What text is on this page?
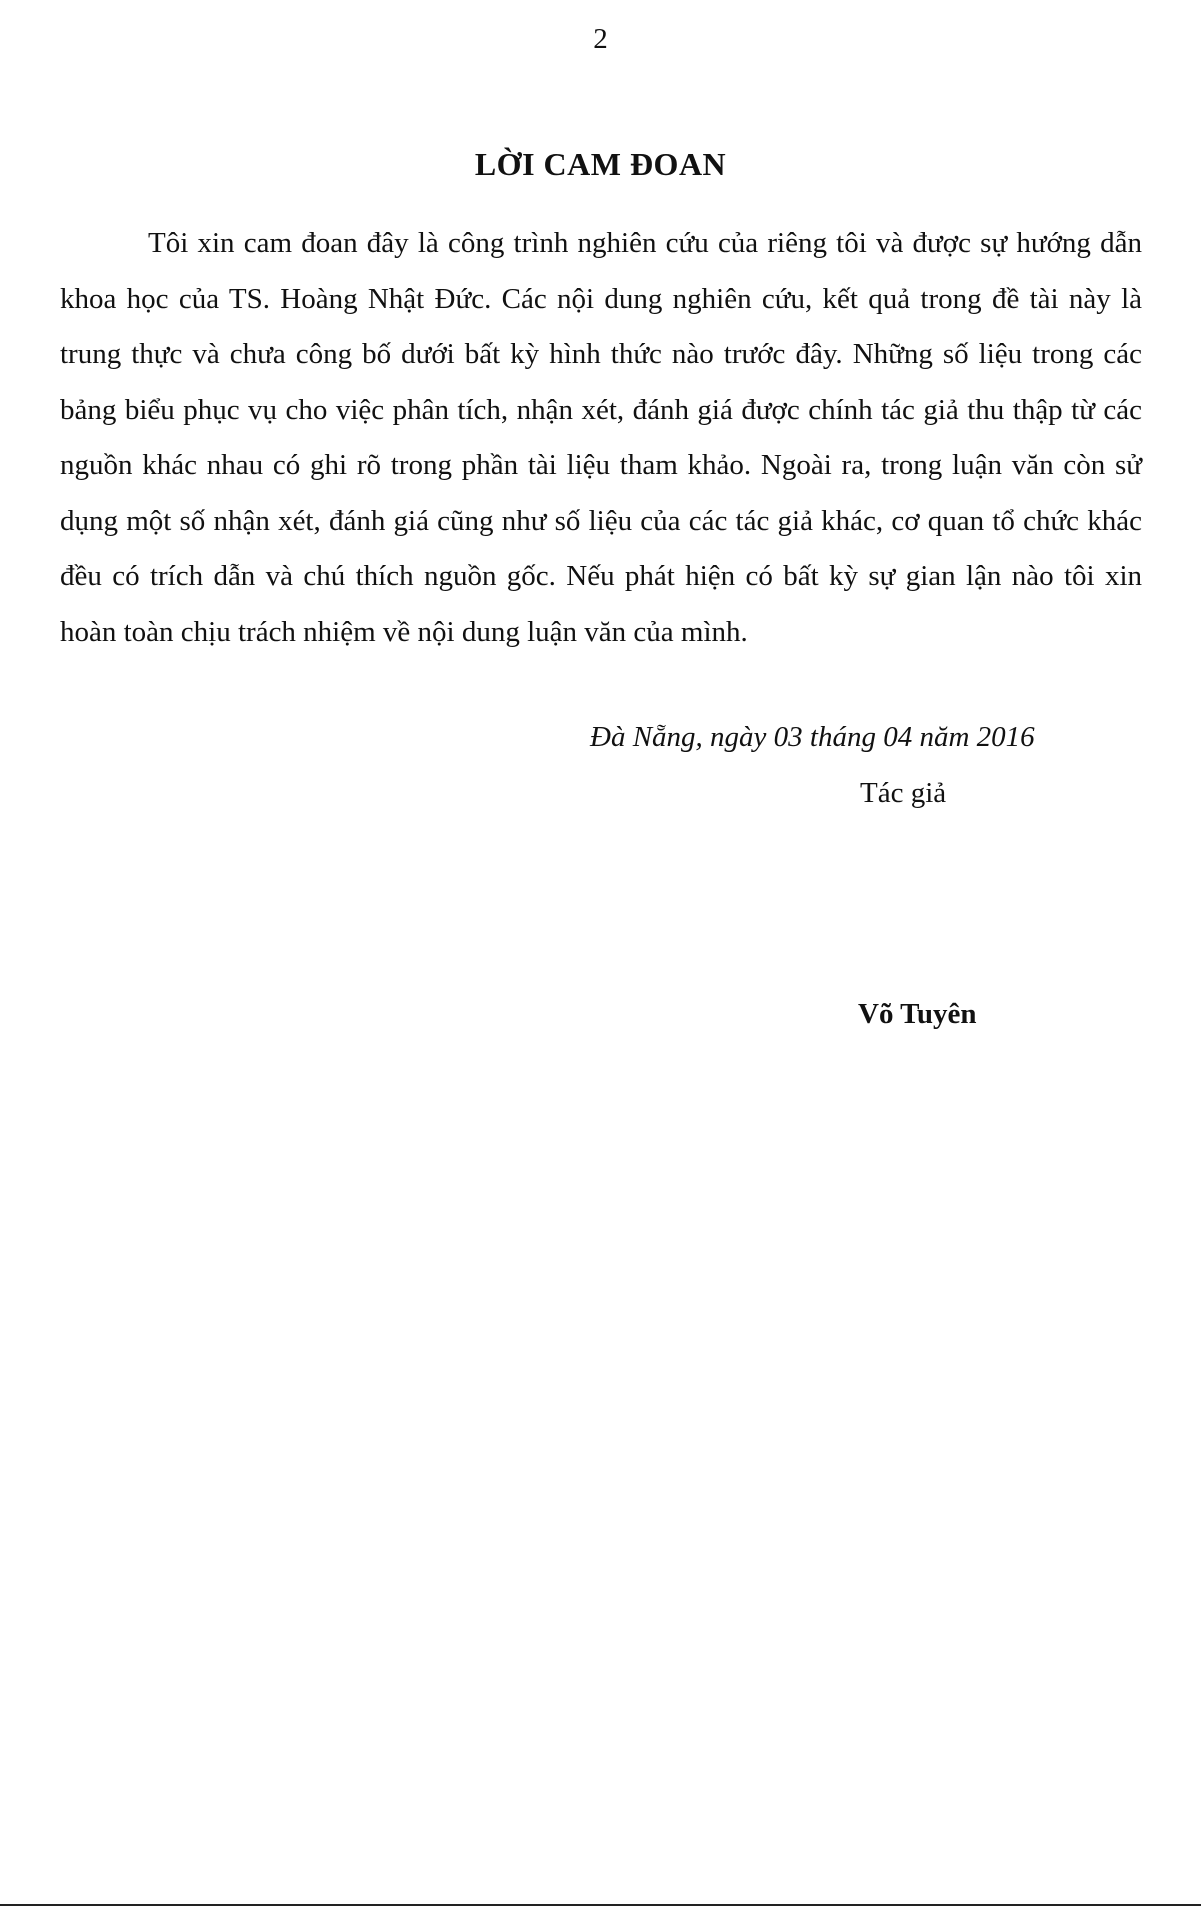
2

LỜI CAM ĐOAN

Tôi xin cam đoan đây là công trình nghiên cứu của riêng tôi và được sự hướng dẫn khoa học của TS. Hoàng Nhật Đức. Các nội dung nghiên cứu, kết quả trong đề tài này là trung thực và chưa công bố dưới bất kỳ hình thức nào trước đây. Những số liệu trong các bảng biểu phục vụ cho việc phân tích, nhận xét, đánh giá được chính tác giả thu thập từ các nguồn khác nhau có ghi rõ trong phần tài liệu tham khảo. Ngoài ra, trong luận văn còn sử dụng một số nhận xét, đánh giá cũng như số liệu của các tác giả khác, cơ quan tổ chức khác đều có trích dẫn và chú thích nguồn gốc. Nếu phát hiện có bất kỳ sự gian lận nào tôi xin hoàn toàn chịu trách nhiệm về nội dung luận văn của mình.

Đà Nẵng, ngày 03 tháng 04 năm 2016

Tác giả

Võ Tuyên
